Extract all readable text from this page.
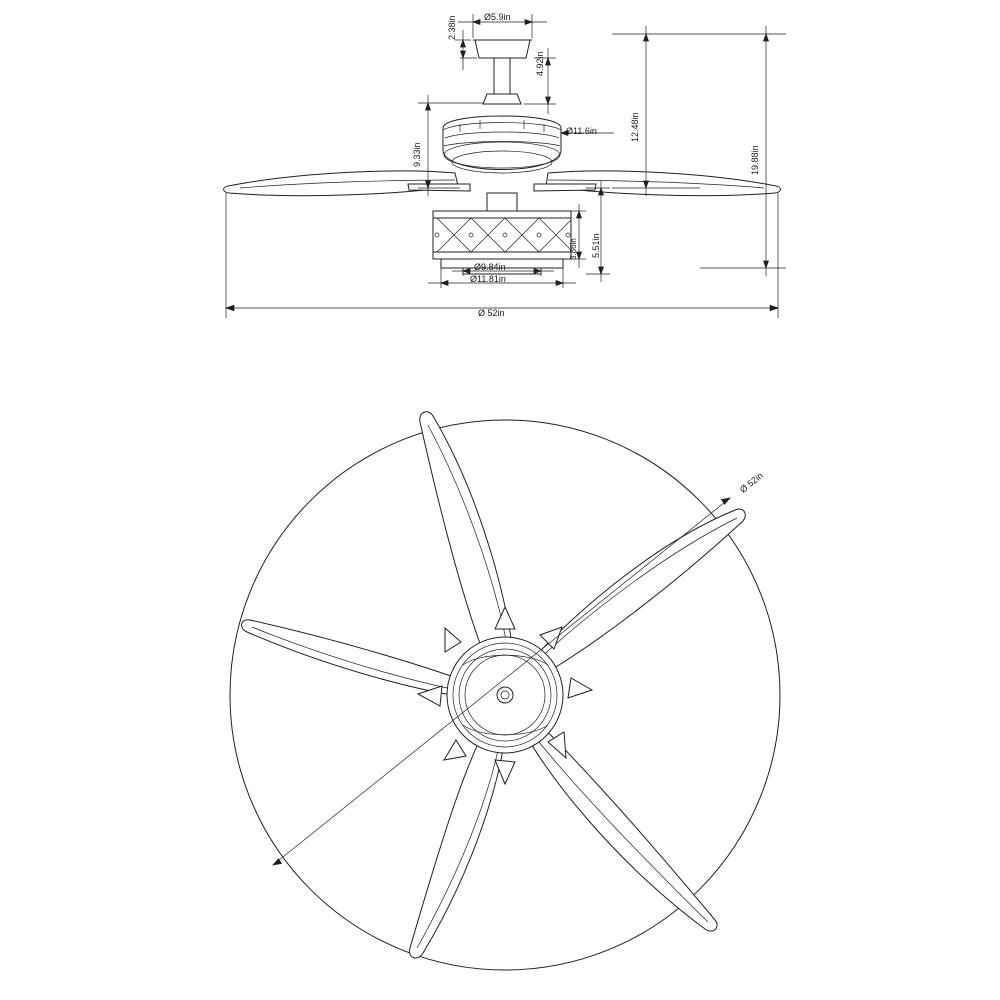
Ø5.9in
2.38in
4.92in
Ø11.6in
9.33in
12.48in
19.88in
3.86in 5.51in
Ø9.84in
Ø11.81in
Ø 52in
Ø 52in
